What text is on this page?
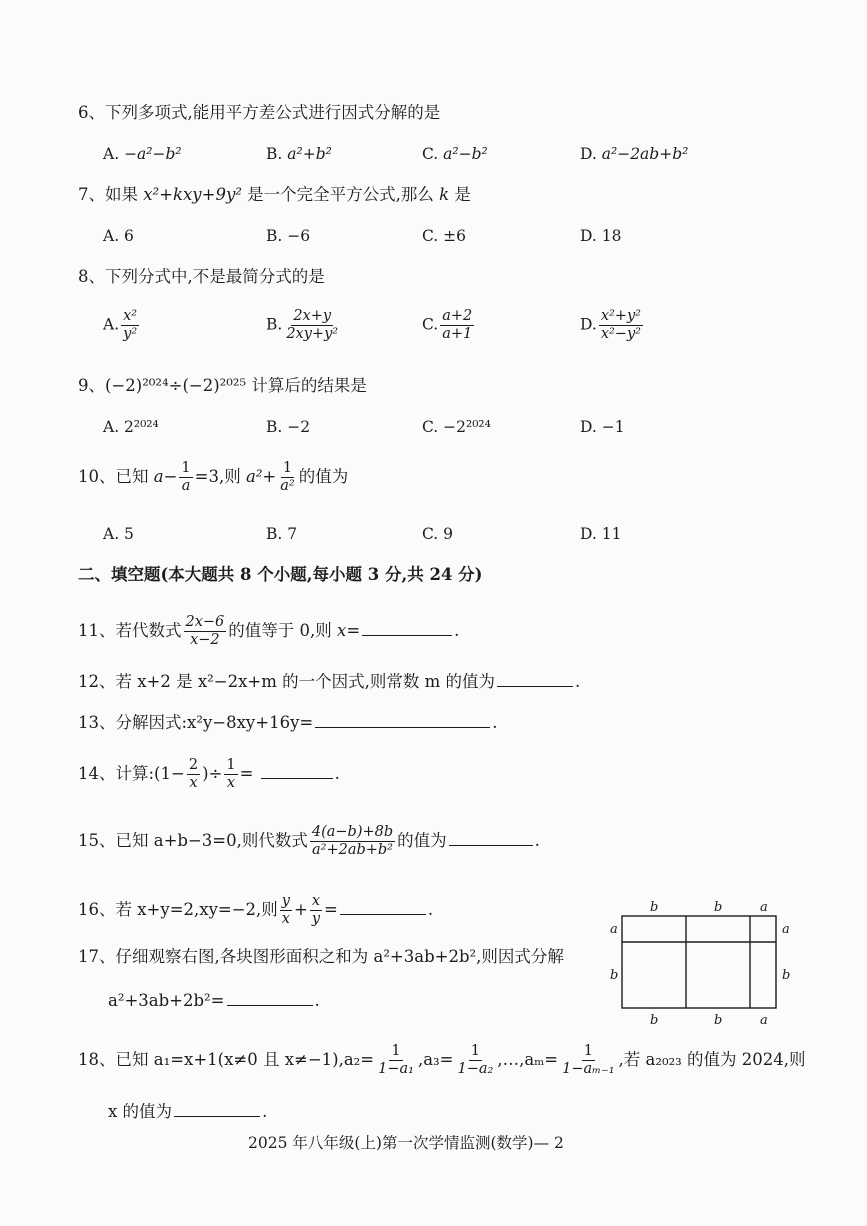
6、下列多项式,能用平方差公式进行因式分解的是
A. −a²−b²	B. a²+b²	C. a²−b²	D. a²−2ab+b²
7、如果 x²+kxy+9y² 是一个完全平方公式,那么 k 是
A. 6	B. −6	C. ±6	D. 18
8、下列分式中,不是最简分式的是
A. $\frac{\text{x²}}{\text{y²}}$	B. $\frac{2x+y}{\text{2xy+y²}}$	C. $\frac{a+2}{a+1}$	D. $\frac{\text{x²+y²}}{\text{x²−y²}}$
9、(−2)²⁰²⁴÷(−2)²⁰²⁵ 计算后的结果是
A. 2²⁰²⁴	B. −2	C. −2²⁰²⁴	D. −1
10、已知 $a- \frac{1}{a} =3$,则 $a^2+ \frac{1}{\text{a²}}$ 的值为
A. 5	B. 7	C. 9	D. 11
二、填空题(本大题共 8 个小题,每小题 3 分,共 24 分)
11、若代数式 $\frac{2x-6}{x-2}$ 的值等于 0,则 x=	.
12、若 x+2 是 x²−2x+m 的一个因式,则常数 m 的值为	.
13、分解因式:x²y−8xy+16y=	.
14、计算:(1− $\frac{2}{x}$ )÷ $\frac{1}{x}$ =	.
15、已知 a+b−3=0,则代数式 $\frac{4(a-b)+8b}{\text{a²+2ab+b²}}$ 的值为	.
16、若 x+y=2,xy=−2,则 $\frac{y}{x} + \frac{x}{y}$ =	.
17、仔细观察右图,各块图形面积之和为 a²+3ab+2b²,则因式分解
a²+3ab+2b²=	.
b	b	a
b	b	a
a
b
a
b
18、已知 a₁=x+1(x≠0 且 $x\ne-1),a_2= \frac{1}{\text{1−a₁}} ,a_3= \frac{1}{\text{1−a₂}}$ ,…,aₘ= $\frac{1}{\text{1−aₘ₋₁}}$ ,若 a₂₀₂₃ 的值为 2024,则
x 的值为	.
2025 年八年级(上)第一次学情监测(数学)— 2
